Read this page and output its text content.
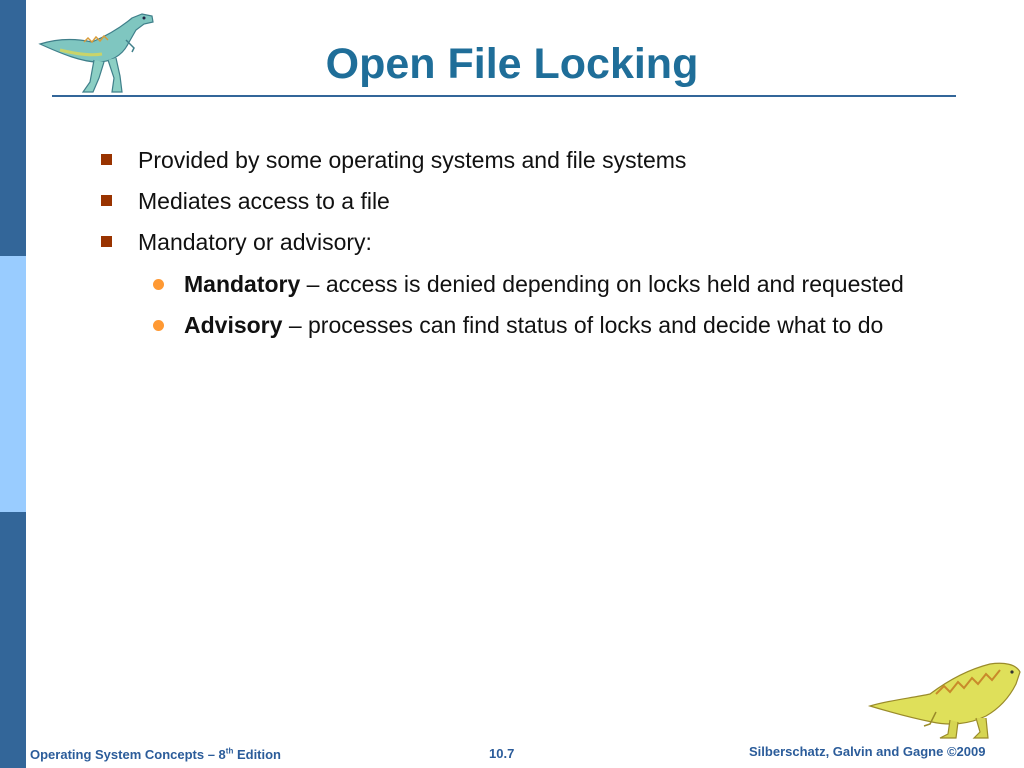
Open File Locking
Provided by some operating systems and file systems
Mediates access to a file
Mandatory or advisory:
Mandatory – access is denied depending on locks held and requested
Advisory – processes can find status of locks and decide what to do
Operating System Concepts – 8th Edition	10.7	Silberschatz, Galvin and Gagne ©2009
